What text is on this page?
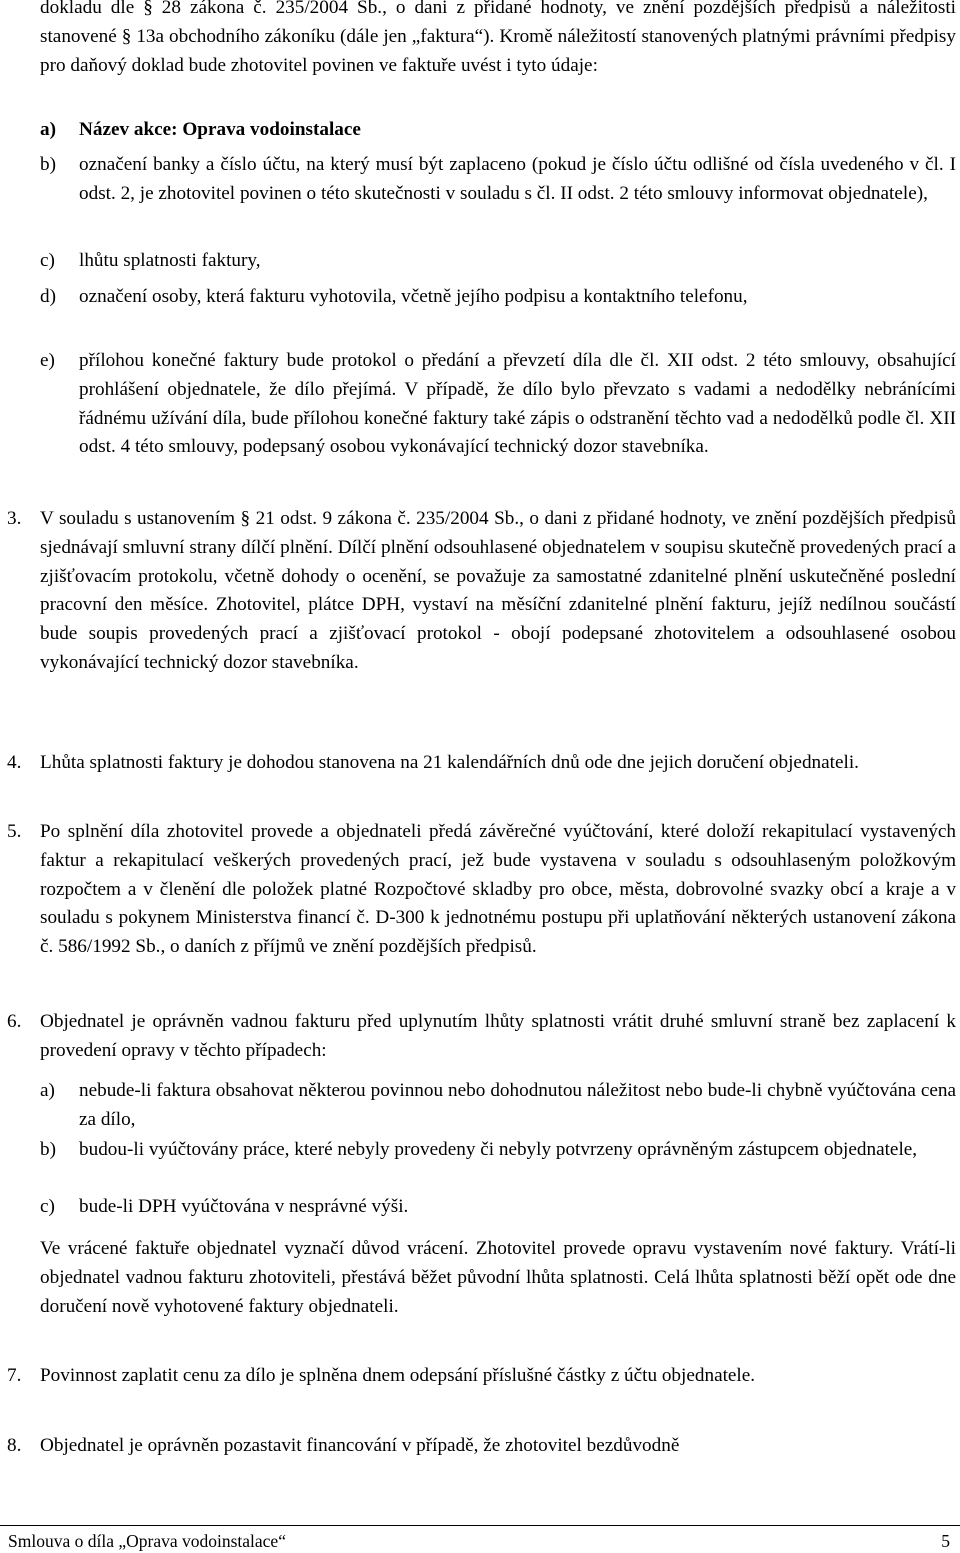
dokladu dle § 28 zákona č. 235/2004 Sb., o dani z přidané hodnoty, ve znění pozdějších předpisů a náležitosti stanovené § 13a obchodního zákoníku (dále jen „faktura“). Kromě náležitostí stanovených platnými právními předpisy pro daňový doklad bude zhotovitel povinen ve faktuře uvést i tyto údaje:

a) Název akce: Oprava vodoinstalace
b) označení banky a číslo účtu, na který musí být zaplaceno (pokud je číslo účtu odlišné od čísla uvedeného v čl. I odst. 2, je zhotovitel povinen o této skutečnosti v souladu s čl. II odst. 2 této smlouvy informovat objednatele),
c) lhůtu splatnosti faktury,
d) označení osoby, která fakturu vyhotovila, včetně jejího podpisu a kontaktního telefonu,
e) přílohou konečné faktury bude protokol o předání a převzetí díla dle čl. XII odst. 2 této smlouvy, obsahující prohlášení objednatele, že dílo přejímá. V případě, že dílo bylo převzato s vadami a nedodělky nebránícími řádnému užívání díla, bude přílohou konečné faktury také zápis o odstranění těchto vad a nedodělků podle čl. XII odst. 4 této smlouvy, podepsaný osobou vykonávající technický dozor stavebníka.
3. V souladu s ustanovením § 21 odst. 9 zákona č. 235/2004 Sb., o dani z přidané hodnoty, ve znění pozdějších předpisů sjednávají smluvní strany dílčí plnění. Dílčí plnění odsouhlasené objednatelem v soupisu skutečně provedených prací a zjišťovacím protokolu, včetně dohody o ocenění, se považuje za samostatné zdanitelné plnění uskutečněné poslední pracovní den měsíce. Zhotovitel, plátce DPH, vystaví na měsíční zdanitelné plnění fakturu, jejíž nedílnou součástí bude soupis provedených prací a zjišťovací protokol - obojí podepsané zhotovitelem a odsouhlasené osobou vykonávající technický dozor stavebníka.
4. Lhůta splatnosti faktury je dohodou stanovena na 21 kalendářních dnů ode dne jejich doručení objednateli.
5. Po splnění díla zhotovitel provede a objednateli předá závěrečné vyúčtování, které doloží rekapitulací vystavených faktur a rekapitulací veškerých provedených prací, jež bude vystavena v souladu s odsouhlaseným položkovým rozpočtem a v členění dle položek platné Rozpočtové skladby pro obce, města, dobrovolné svazky obcí a kraje a v souladu s pokynem Ministerstva financí č. D-300 k jednotnému postupu při uplatňování některých ustanovení zákona č. 586/1992 Sb., o daních z příjmů ve znění pozdějších předpisů.
6. Objednatel je oprávněn vadnou fakturu před uplynutím lhůty splatnosti vrátit druhé smluvní straně bez zaplacení k provedení opravy v těchto případech:
a) nebude-li faktura obsahovat některou povinnou nebo dohodnutou náležitost nebo bude-li chybně vyúčtována cena za dílo,
b) budou-li vyúčtovány práce, které nebyly provedeny či nebyly potvrzeny oprávněným zástupcem objednatele,
c) bude-li DPH vyúčtována v nesprávné výši.
Ve vrácené faktuře objednatel vyznačí důvod vrácení. Zhotovitel provede opravu vystavením nové faktury. Vrátí-li objednatel vadnou fakturu zhotoviteli, přestává běžet původní lhůta splatnosti. Celá lhůta splatnosti běží opět ode dne doručení nově vyhotovené faktury objednateli.
7. Povinnost zaplatit cenu za dílo je splněna dnem odepsání příslušné částky z účtu objednatele.
8. Objednatel je oprávněn pozastavit financování v případě, že zhotovitel bezdůvodně
Smlouva o díla „Oprava vodoinstalace“	5
